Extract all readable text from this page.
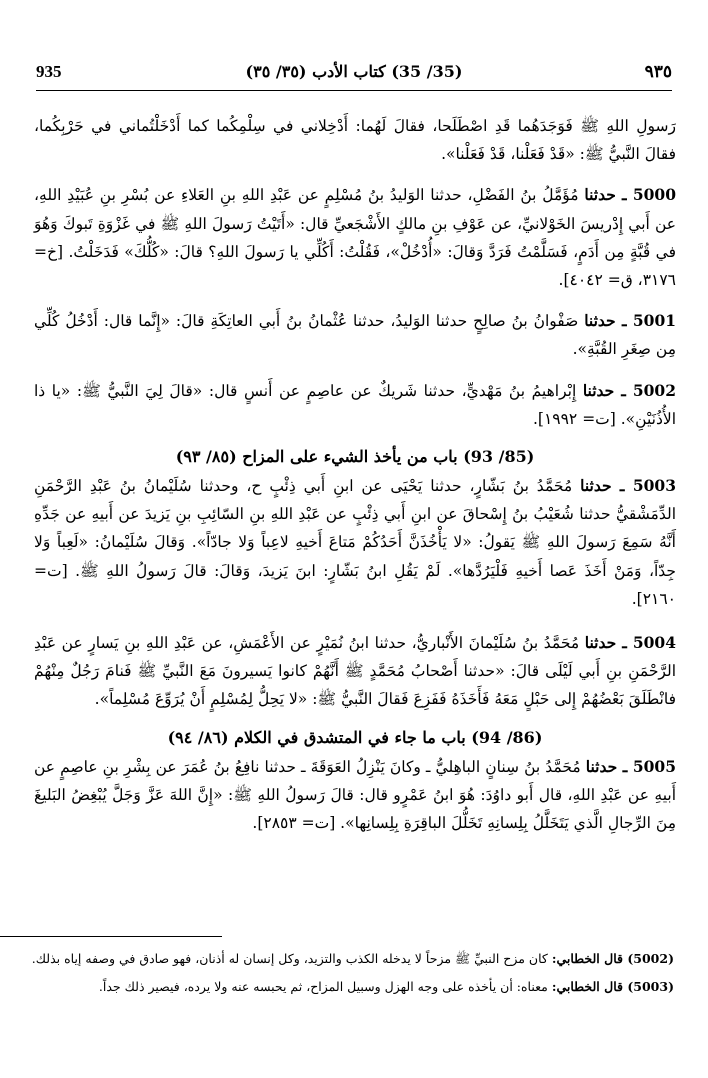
٩٣٥
(35/ 35) كتاب الأدب (٣٥/ ٣٥)
935

رَسولِ اللهِ ﷺ فَوَجَدَهُما قَدِ اصْطَلَحا، فقالَ لَهُما: أَدْخِلاني في سِلْمِكُما كما أَدْخَلْتُماني في حَرْبِكُما، فقالَ النَّبيُّ ﷺ: «قَدْ فَعَلْنا، قَدْ فَعَلْنا».

5000 ـ حدثنا مُؤَمَّلُ بنُ الفَضْلِ، حدثنا الوَليدُ بنُ مُسْلِمٍ عن عَبْدِ اللهِ بنِ العَلاءِ عن بُسْرِ بنِ عُبَيْدِ اللهِ، عن أَبي إِدْريسَ الخَوْلانيِّ، عن عَوْفِ بنِ مالكٍ الأَشْجَعيِّ قال: «أَتَيْتُ رَسولَ اللهِ ﷺ في غَزْوَةِ تَبوكَ وَهُوَ في قُبَّةٍ مِن أَدَمٍ، فَسَلَّمْتُ فَرَدَّ وَقالَ: «أُدْخُلْ»، فَقُلْتُ: أَكُلِّي يا رَسولَ اللهِ؟ قالَ: «كُلُّكَ» فَدَخَلْتُ. [خ= ٣١٧٦، ق= ٤٠٤٢].

5001 ـ حدثنا صَفْوانُ بنُ صالِحٍ حدثنا الوَليدُ، حدثنا عُثْمانُ بنُ أَبي العاتِكَةِ قالَ: «إِنَّما قال: أَدْخُلُ كُلِّي مِن صِغَرِ القُبَّةِ».

5002 ـ حدثنا إِبْراهيمُ بنُ مَهْديٍّ، حدثنا شَريكٌ عن عاصِمٍ عن أَنسٍ قال: «قالَ لِيَ النَّبيُّ ﷺ: «يا ذا الأُذُنَيْنِ». [ت= ١٩٩٢].

(85/ 93) باب من يأخذ الشيء على المزاح (٨٥/ ٩٣)

5003 ـ حدثنا مُحَمَّدُ بنُ بَشّارٍ، حدثنا يَحْيَى عن ابنِ أَبي ذِئْبٍ ح، وحدثنا سُلَيْمانُ بنُ عَبْدِ الرَّحْمَنِ الدِّمَشْقيُّ حدثنا شُعَيْبُ بنُ إِسْحاقَ عن ابنِ أَبي ذِئْبٍ عن عَبْدِ اللهِ بنِ السّائِبِ بنِ يَزيدَ عن أَبيهِ عن جَدِّهِ أَنَّهُ سَمِعَ رَسولَ اللهِ ﷺ يَقولُ: «لا يَأْخُذَنَّ أَحَدُكُمْ مَتاعَ أَخيهِ لاعِباً وَلا جادّاً». وَقالَ سُلَيْمانُ: «لَعِباً وَلا جِدّاً، وَمَنْ أَخَذَ عَصا أَخيهِ فَلْيَرُدَّها». لَمْ يَقُلِ ابنُ بَشّارٍ: ابنَ يَزيدَ، وَقالَ: قالَ رَسولُ اللهِ ﷺ. [ت= ٢١٦٠].

5004 ـ حدثنا مُحَمَّدُ بنُ سُلَيْمانَ الأَنْباريُّ، حدثنا ابنُ نُمَيْرٍ عن الأَعْمَشِ، عن عَبْدِ اللهِ بنِ يَسارٍ عن عَبْدِ الرَّحْمَنِ بنِ أَبي لَيْلَى قالَ: «حدثنا أَصْحابُ مُحَمَّدٍ ﷺ أَنَّهُمْ كانوا يَسيرونَ مَعَ النَّبيِّ ﷺ فَنامَ رَجُلٌ مِنْهُمْ فانْطَلَقَ بَعْضُهُمْ إِلى حَبْلٍ مَعَهُ فَأَخَذَهُ فَفَزِعَ فَقالَ النَّبيُّ ﷺ: «لا يَحِلُّ لِمُسْلِمٍ أَنْ يُرَوِّعَ مُسْلِماً».

(86/ 94) باب ما جاء في المتشدق في الكلام (٨٦/ ٩٤)

5005 ـ حدثنا مُحَمَّدُ بنُ سِنانٍ الباهِليُّ ـ وكانَ يَنْزِلُ العَوَقَةَ ـ حدثنا نافِعُ بنُ عُمَرَ عن بِشْرِ بنِ عاصِمٍ عن أَبيهِ عن عَبْدِ اللهِ، قال أَبو داوُدَ: هُوَ ابنُ عَمْرٍو قال: قالَ رَسولُ اللهِ ﷺ: «إِنَّ اللهَ عَزَّ وَجَلَّ يُبْغِضُ البَليغَ مِنَ الرِّجالِ الَّذي يَتَخَلَّلُ بِلِسانِهِ تَخَلُّلَ الباقِرَةِ بِلِسانِها». [ت= ٢٨٥٣].

(5002) قال الخطابي: كان مزح النبيِّ ﷺ مزحاً لا يدخله الكذب والتزيد، وكل إنسان له أذنان، فهو صادق في وصفه إياه بذلك.

(5003) قال الخطابي: معناه: أن يأخذه على وجه الهزل وسبيل المزاح، ثم يحبسه عنه ولا يرده، فيصير ذلك جداً.
